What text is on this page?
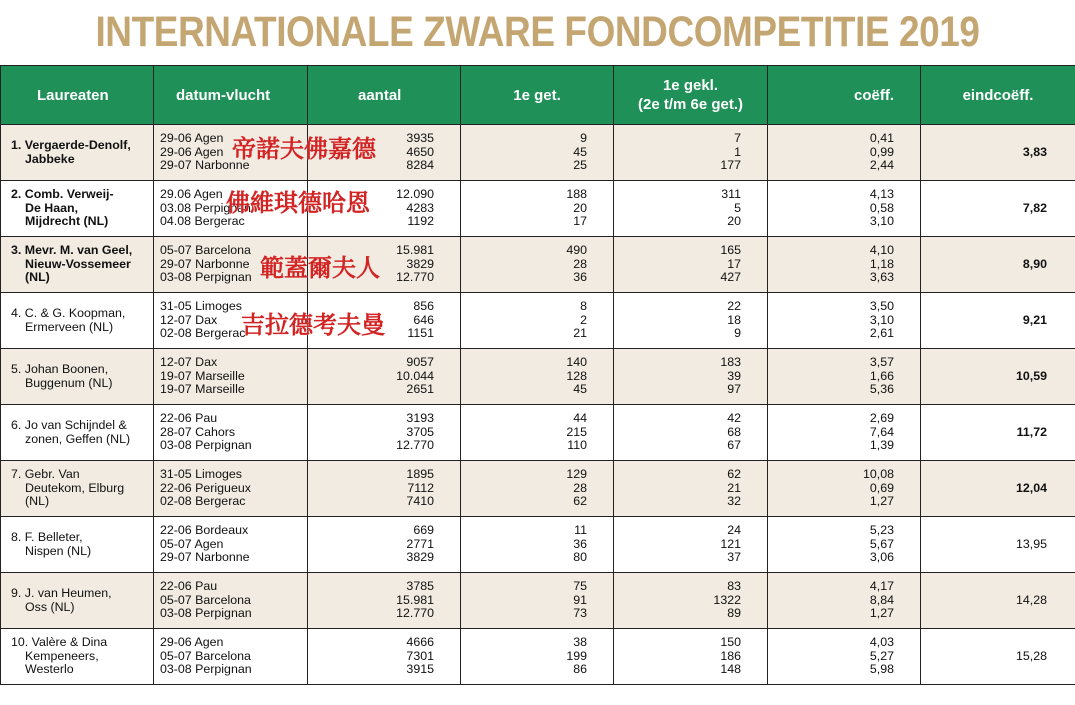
INTERNATIONALE ZWARE FONDCOMPETITIE 2019
Laureaten	datum-vlucht	aantal	1e get.	1e gekl.
(2e t/m 6e get.)	coëff.	eindcoëff.

1. Vergaerde-Denolf,
Jabbeke	29-06 Agen
29-06 Agen
29-07 Narbonne	3935
4650
8284	9
45
25	7
1
177	0,41
0,99
2,44	3,83

2. Comb. Verweij-
De Haan,
Mijdrecht (NL)	29.06 Agen
03.08 Perpignan
04.08 Bergerac	12.090
4283
1192	188
20
17	311
5
20	4,13
0,58
3,10	7,82

3. Mevr. M. van Geel,
Nieuw-Vossemeer
(NL)	05-07 Barcelona
29-07 Narbonne
03-08 Perpignan	15.981
3829
12.770	490
28
36	165
17
427	4,10
1,18
3,63	8,90

4. C. & G. Koopman,
Ermerveen (NL)	31-05 Limoges
12-07 Dax
02-08 Bergerac	856
646
1151	8
2
21	22
18
9	3,50
3,10
2,61	9,21

5. Johan Boonen,
Buggenum (NL)	12-07 Dax
19-07 Marseille
19-07 Marseille	9057
10.044
2651	140
128
45	183
39
97	3,57
1,66
5,36	10,59

6. Jo van Schijndel &
zonen, Geffen (NL)	22-06 Pau
28-07 Cahors
03-08 Perpignan	3193
3705
12.770	44
215
110	42
68
67	2,69
7,64
1,39	11,72

7. Gebr. Van
Deutekom, Elburg
(NL)	31-05 Limoges
22-06 Perigueux
02-08 Bergerac	1895
7112
7410	129
28
62	62
21
32	10,08
0,69
1,27	12,04

8. F. Belleter,
Nispen (NL)	22-06 Bordeaux
05-07 Agen
29-07 Narbonne	669
2771
3829	11
36
80	24
121
37	5,23
5,67
3,06	13,95

9. J. van Heumen,
Oss (NL)	22-06 Pau
05-07 Barcelona
03-08 Perpignan	3785
15.981
12.770	75
91
73	83
1322
89	4,17
8,84
1,27	14,28

10. Valère & Dina
Kempeneers,
Westerlo	29-06 Agen
05-07 Barcelona
03-08 Perpignan	4666
7301
3915	38
199
86	150
186
148	4,03
5,27
5,98	15,28
帝諾夫佛嘉德
佛維琪德哈恩
範蓋爾夫人
吉拉德考夫曼
